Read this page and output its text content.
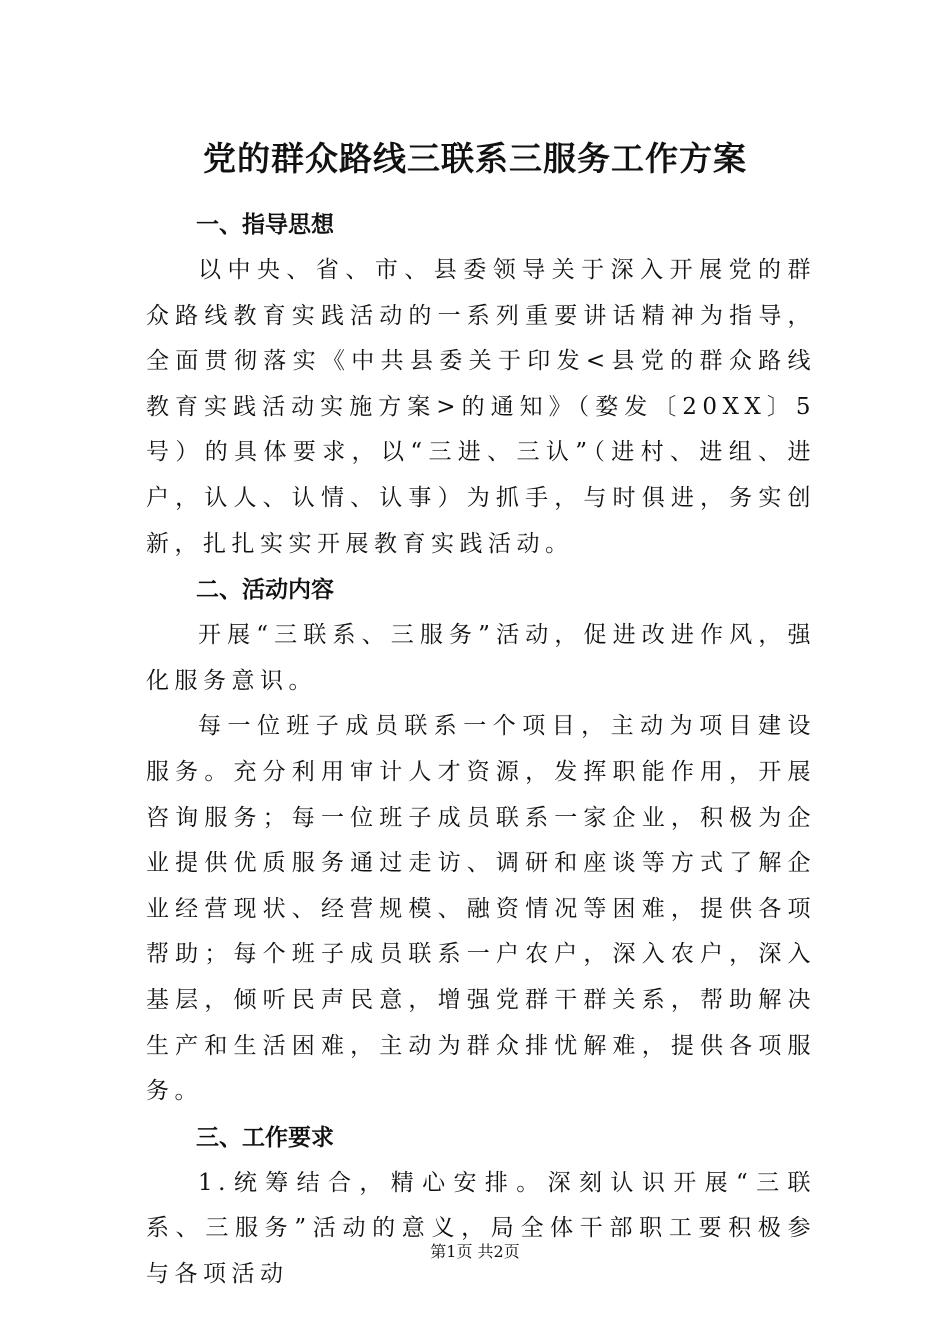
党的群众路线三联系三服务工作方案
一、指导思想

以中央、省、市、县委领导关于深入开展党的群众路线教育实践活动的一系列重要讲话精神为指导，全面贯彻落实《中共县委关于印发<县党的群众路线教育实践活动实施方案>的通知》（婺发〔20XX〕5号）的具体要求，以“三进、三认”（进村、进组、进户，认人、认情、认事）为抓手，与时俱进，务实创新，扎扎实实开展教育实践活动。

二、活动内容

开展“三联系、三服务”活动，促进改进作风，强化服务意识。

每一位班子成员联系一个项目，主动为项目建设服务。充分利用审计人才资源，发挥职能作用，开展咨询服务；每一位班子成员联系一家企业，积极为企业提供优质服务通过走访、调研和座谈等方式了解企业经营现状、经营规模、融资情况等困难，提供各项帮助；每个班子成员联系一户农户，深入农户，深入基层，倾听民声民意，增强党群干群关系，帮助解决生产和生活困难，主动为群众排忧解难，提供各项服务。

三、工作要求

1.统筹结合，精心安排。深刻认识开展“三联系、三服务”活动的意义，局全体干部职工要积极参与各项活动

第1页 共2页
